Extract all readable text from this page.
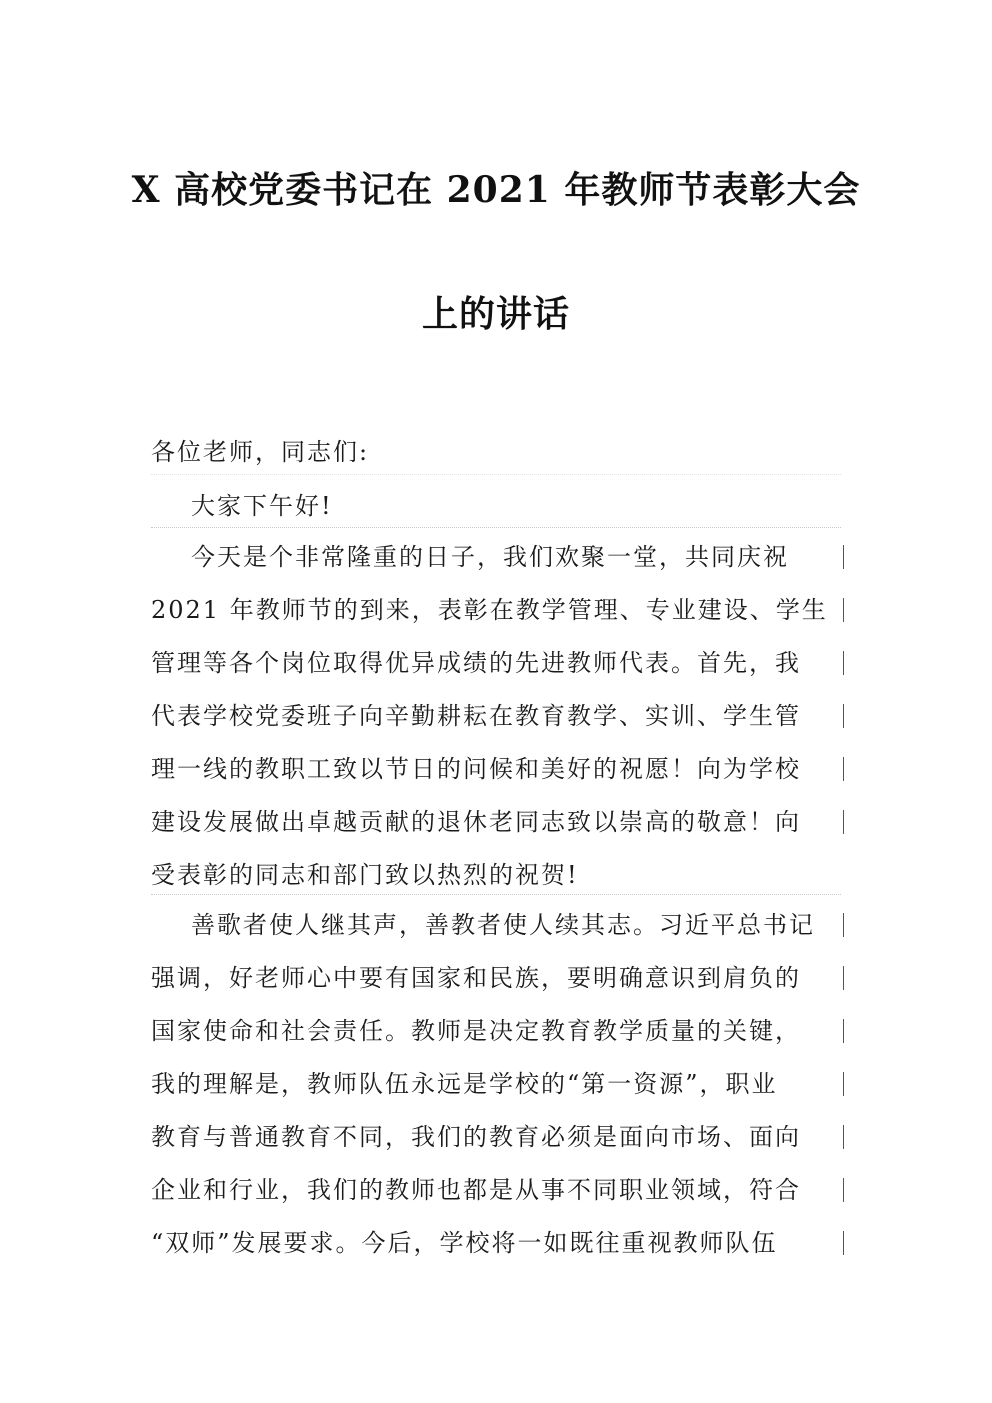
X 高校党委书记在 2021 年教师节表彰大会
上的讲话
各位老师，同志们:
大家下午好!
今天是个非常隆重的日子，我们欢聚一堂，共同庆祝
2021 年教师节的到来，表彰在教学管理、专业建设、学生
管理等各个岗位取得优异成绩的先进教师代表。首先，我
代表学校党委班子向辛勤耕耘在教育教学、实训、学生管
理一线的教职工致以节日的问候和美好的祝愿！向为学校
建设发展做出卓越贡献的退休老同志致以崇高的敬意！向
受表彰的同志和部门致以热烈的祝贺!
善歌者使人继其声，善教者使人续其志。习近平总书记
强调，好老师心中要有国家和民族，要明确意识到肩负的
国家使命和社会责任。教师是决定教育教学质量的关键，
我的理解是，教师队伍永远是学校的“第一资源”，职业
教育与普通教育不同，我们的教育必须是面向市场、面向
企业和行业，我们的教师也都是从事不同职业领域，符合
“双师”发展要求。今后，学校将一如既往重视教师队伍
